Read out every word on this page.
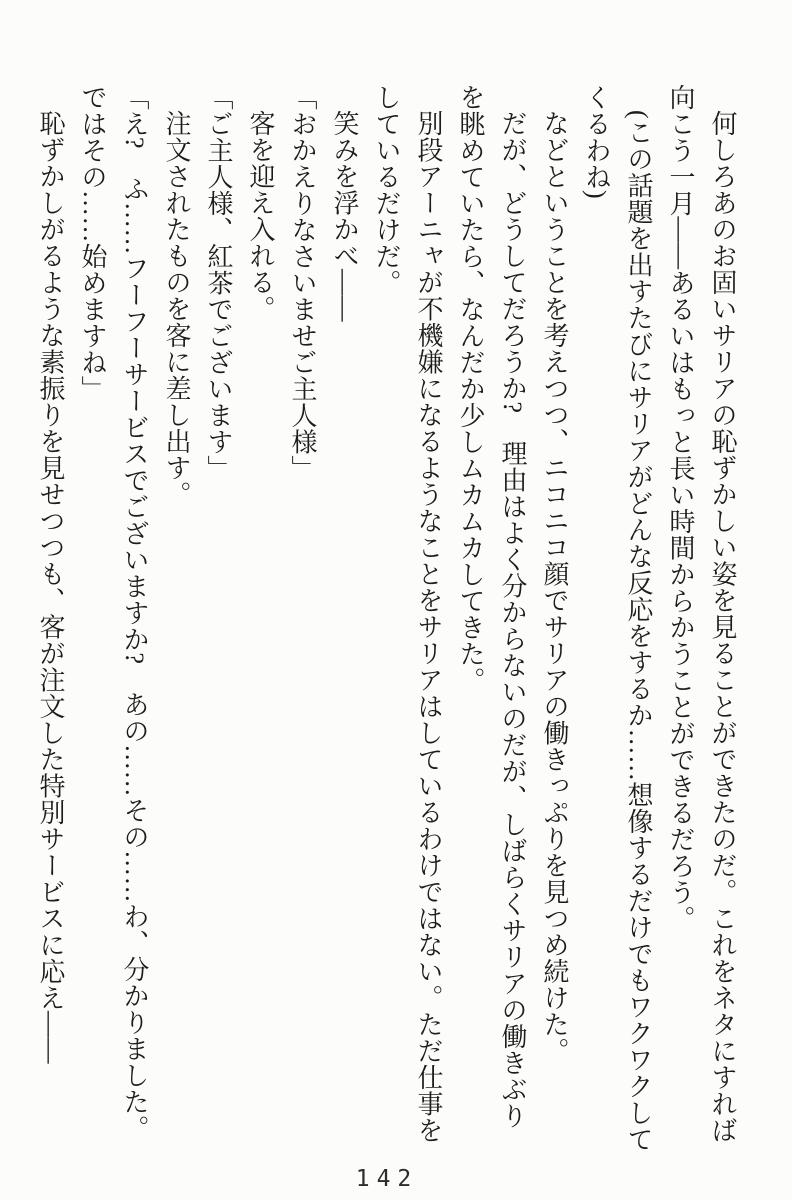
何しろあのお固いサリアの恥ずかしい姿を見ることができたのだ。これをネタにすれば
向こう一月――あるいはもっと長い時間からかうことができるだろう。
(この話題を出すたびにサリアがどんな反応をするか……想像するだけでもワクワクして
くるわね)
などということを考えつつ、ニコニコ顔でサリアの働きっぷりを見つめ続けた。
だが、どうしてだろうか?　理由はよく分からないのだが、しばらくサリアの働きぶり
を眺めていたら、なんだか少しムカムカしてきた。
別段アーニャが不機嫌になるようなことをサリアはしているわけではない。ただ仕事を
しているだけだ。
笑みを浮かべ――
「おかえりなさいませご主人様」
客を迎え入れる。
「ご主人様、紅茶でございます」
注文されたものを客に差し出す。
「え?　ふ……フーフーサービスでございますか?　あの……その……わ、分かりました。
ではその……始めますね」
恥ずかしがるような素振りを見せつつも、客が注文した特別サービスに応え――
142
